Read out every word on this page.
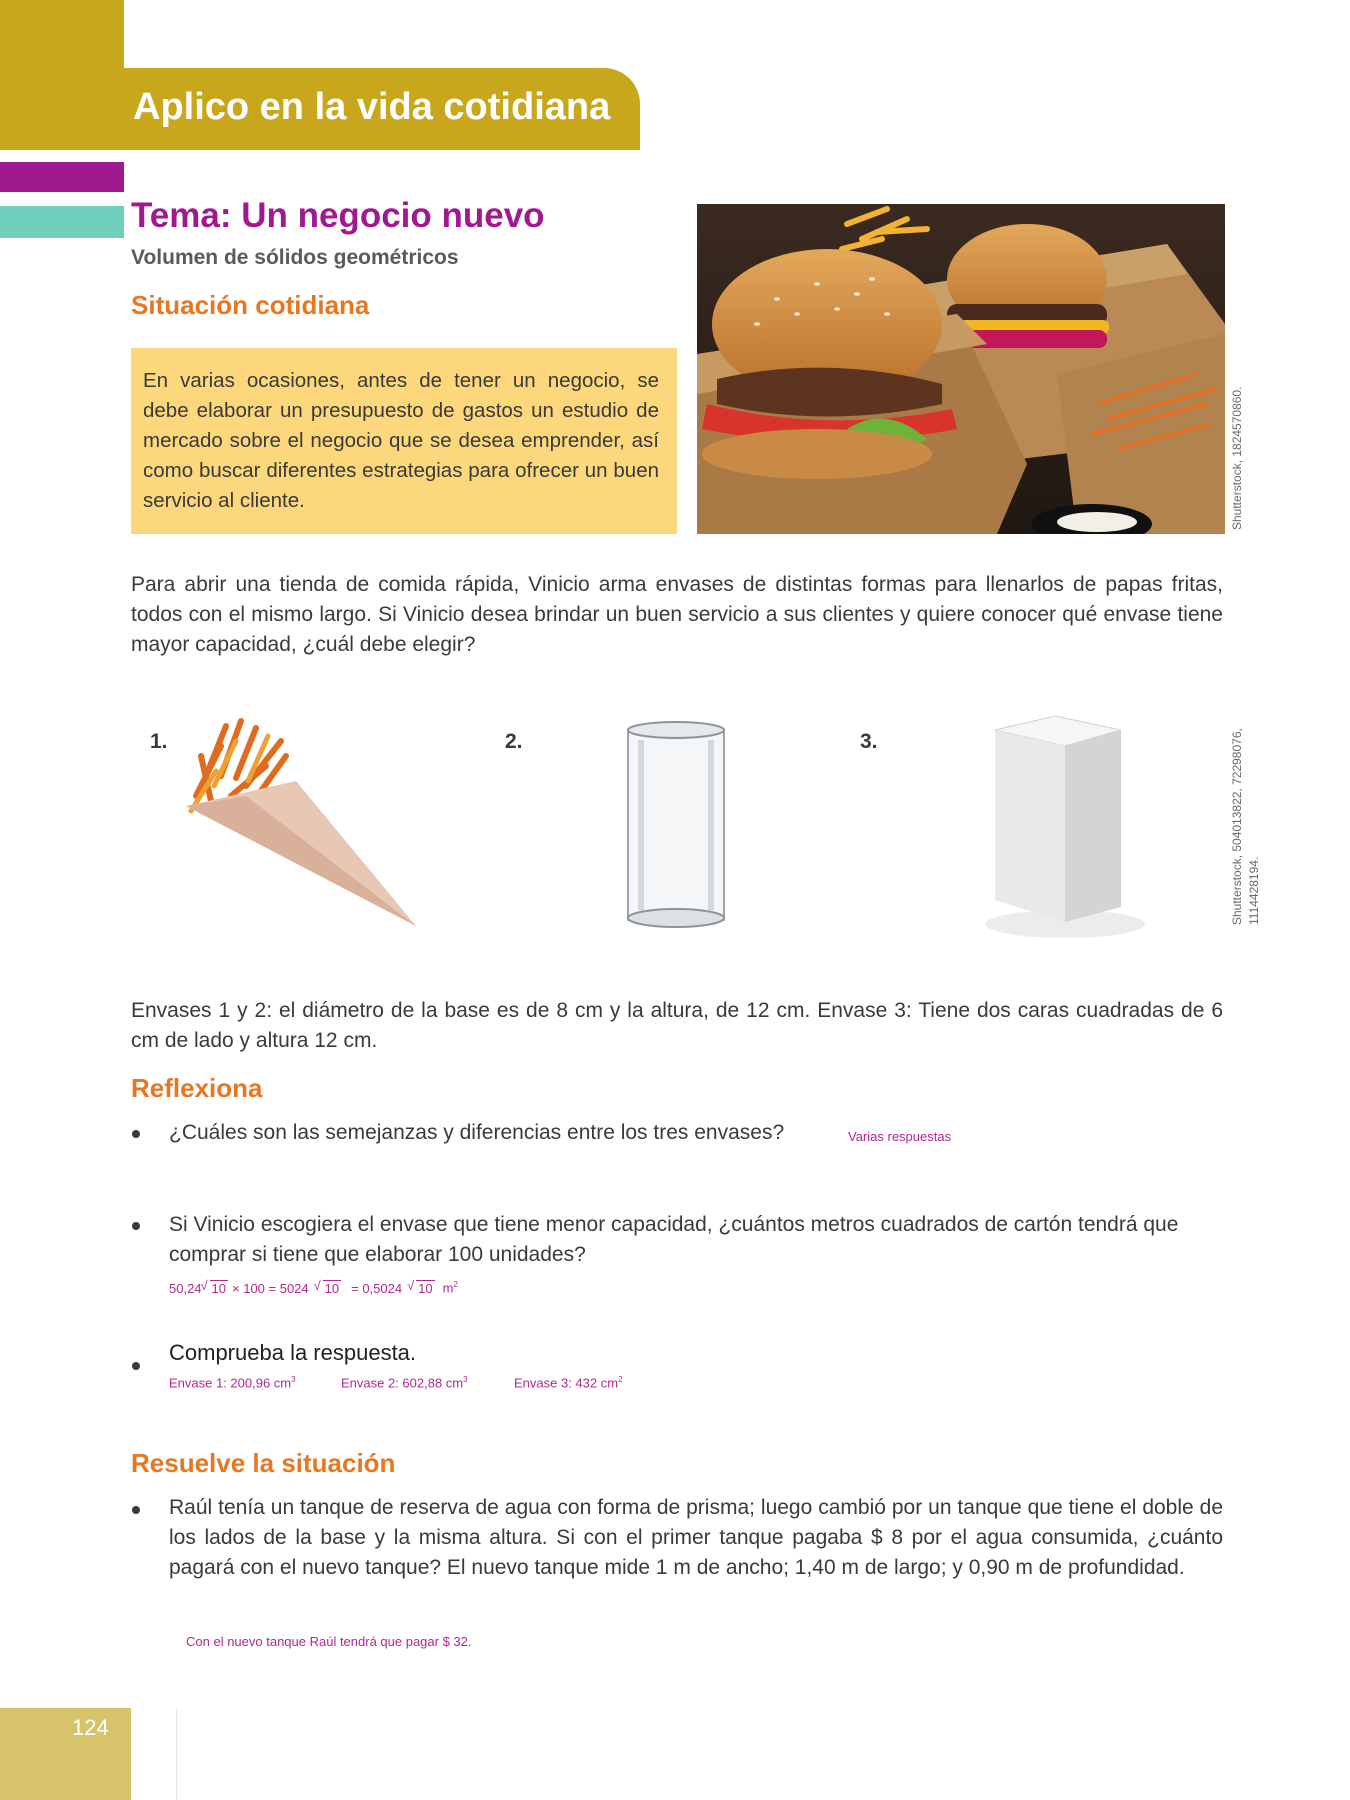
Aplico en la vida cotidiana
Tema: Un negocio nuevo
Volumen de sólidos geométricos
Situación cotidiana
En varias ocasiones, antes de tener un negocio, se debe elaborar un presupuesto de gastos un estudio de mercado sobre el negocio que se desea emprender, así como buscar diferentes estrategias para ofrecer un buen servicio al cliente.	Shutterstock, 1824570860.
Para abrir una tienda de comida rápida, Vinicio arma envases de distintas formas para llenarlos de papas fritas, todos con el mismo largo. Si Vinicio desea brindar un buen servicio a sus clientes y quiere conocer qué envase tiene mayor capacidad, ¿cuál debe elegir?
1.	2.	3.	Shutterstock, 504013822, 72298076, 1114428194.
Envases 1 y 2: el diámetro de la base es de 8 cm y la altura, de 12 cm. Envase 3: Tiene dos caras cuadradas de 6 cm de lado y altura 12 cm.
Reflexiona
¿Cuáles son las semejanzas y diferencias entre los tres envases?	Varias respuestas
Si Vinicio escogiera el envase que tiene menor capacidad, ¿cuántos metros cuadrados de cartón tendrá que comprar si tiene que elaborar 100 unidades?
50,24 √ 10 × 100 = 5024 √ 10 = 0,5024 √ 10 $m^2$
Comprueba la respuesta.
Envase 1: 200,96 $cm^3$	Envase 2: 602,88 $cm^3$	Envase 3: 432 $cm^2$
Resuelve la situación
Raúl tenía un tanque de reserva de agua con forma de prisma; luego cambió por un tanque que tiene el doble de los lados de la base y la misma altura. Si con el primer tanque pagaba $ 8 por el agua consumida, ¿cuánto pagará con el nuevo tanque? El nuevo tanque mide 1 m de ancho; 1,40 m de largo; y 0,90 m de profundidad.
Con el nuevo tanque Raúl tendrá que pagar $ 32.
124
